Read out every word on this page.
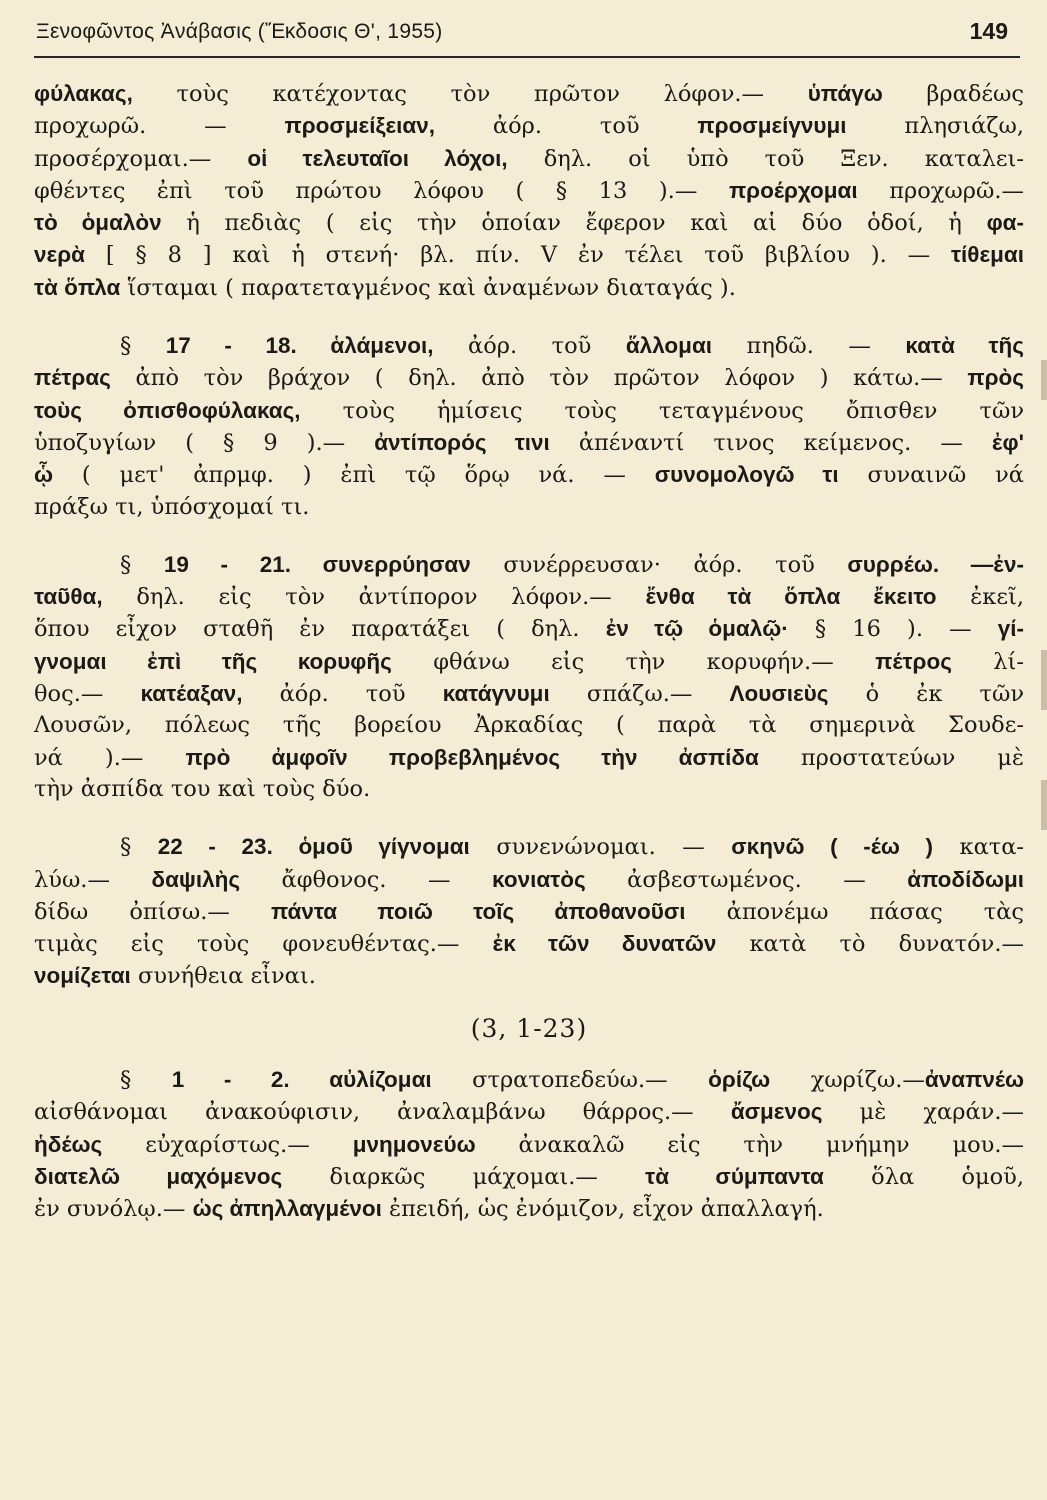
Ξενοφῶντος Ἀνάβασις (Ἔκδοσις Θ', 1955)	149
φύλακας, τοὺς κατέχοντας τὸν πρῶτον λόφον.— ὑπάγω βραδέως
προχωρῶ. — προσμείξειαν, ἀόρ. τοῦ προσμείγνυμι πλησιάζω,
προσέρχομαι.— οἱ τελευταῖοι λόχοι, δηλ. οἱ ὑπὸ τοῦ Ξεν. καταλει-
φθέντες ἐπὶ τοῦ πρώτου λόφου ( § 13 ).— προέρχομαι προχωρῶ.—
τὸ ὁμαλὸν ἡ πεδιὰς ( εἰς τὴν ὁποίαν ἔφερον καὶ αἱ δύο ὁδοί, ἡ φα-
νερὰ [ § 8 ] καὶ ἡ στενή· βλ. πίν. V ἐν τέλει τοῦ βιβλίου ). — τίθεμαι
τὰ ὅπλα ἵσταμαι ( παρατεταγμένος καὶ ἀναμένων διαταγάς ).
§ 17 - 18. ἁλάμενοι, ἀόρ. τοῦ ἅλλομαι πηδῶ. — κατὰ τῆς
πέτρας ἀπὸ τὸν βράχον ( δηλ. ἀπὸ τὸν πρῶτον λόφον ) κάτω.— πρὸς
τοὺς ὀπισθοφύλακας, τοὺς ἡμίσεις τοὺς τεταγμένους ὄπισθεν τῶν
ὑποζυγίων ( § 9 ).— ἀντίπορός τινι ἀπέναντί τινος κείμενος. — ἐφ'
ᾧ ( μετ' ἀπρμφ. ) ἐπὶ τῷ ὅρῳ νά. — συνομολογῶ τι συναινῶ νά
πράξω τι, ὑπόσχομαί τι.
§ 19 - 21. συνερρύησαν συνέρρευσαν· ἀόρ. τοῦ συρρέω. —ἐν-
ταῦθα, δηλ. εἰς τὸν ἀντίπορον λόφον.— ἔνθα τὰ ὅπλα ἔκειτο ἐκεῖ,
ὅπου εἶχον σταθῆ ἐν παρατάξει ( δηλ. ἐν τῷ ὁμαλῷ· § 16 ). — γί-
γνομαι ἐπὶ τῆς κορυφῆς φθάνω εἰς τὴν κορυφήν.— πέτρος λί-
θος.— κατέαξαν, ἀόρ. τοῦ κατάγνυμι σπάζω.— Λουσιεὺς ὁ ἐκ τῶν
Λουσῶν, πόλεως τῆς βορείου Ἀρκαδίας ( παρὰ τὰ σημερινὰ Σουδε-
νά ).— πρὸ ἀμφοῖν προβεβλημένος τὴν ἀσπίδα προστατεύων μὲ
τὴν ἀσπίδα του καὶ τοὺς δύο.
§ 22 - 23. ὁμοῦ γίγνομαι συνενώνομαι. — σκηνῶ ( -έω ) κατα-
λύω.— δαψιλὴς ἄφθονος. — κονιατὸς ἀσβεστωμένος. — ἀποδίδωμι
δίδω ὀπίσω.— πάντα ποιῶ τοῖς ἀποθανοῦσι ἀπονέμω πάσας τὰς
τιμὰς εἰς τοὺς φονευθέντας.— ἐκ τῶν δυνατῶν κατὰ τὸ δυνατόν.—
νομίζεται συνήθεια εἶναι.
(3, 1-23)
§ 1 - 2. αὐλίζομαι στρατοπεδεύω.— ὁρίζω χωρίζω.—ἀναπνέω
αἰσθάνομαι ἀνακούφισιν, ἀναλαμβάνω θάρρος.— ἄσμενος μὲ χαράν.—
ἡδέως εὐχαρίστως.— μνημονεύω ἀνακαλῶ εἰς τὴν μνήμην μου.—
διατελῶ μαχόμενος διαρκῶς μάχομαι.— τὰ σύμπαντα ὅλα ὁμοῦ,
ἐν συνόλῳ.— ὡς ἀπηλλαγμένοι ἐπειδή, ὡς ἐνόμιζον, εἶχον ἀπαλλαγή.
